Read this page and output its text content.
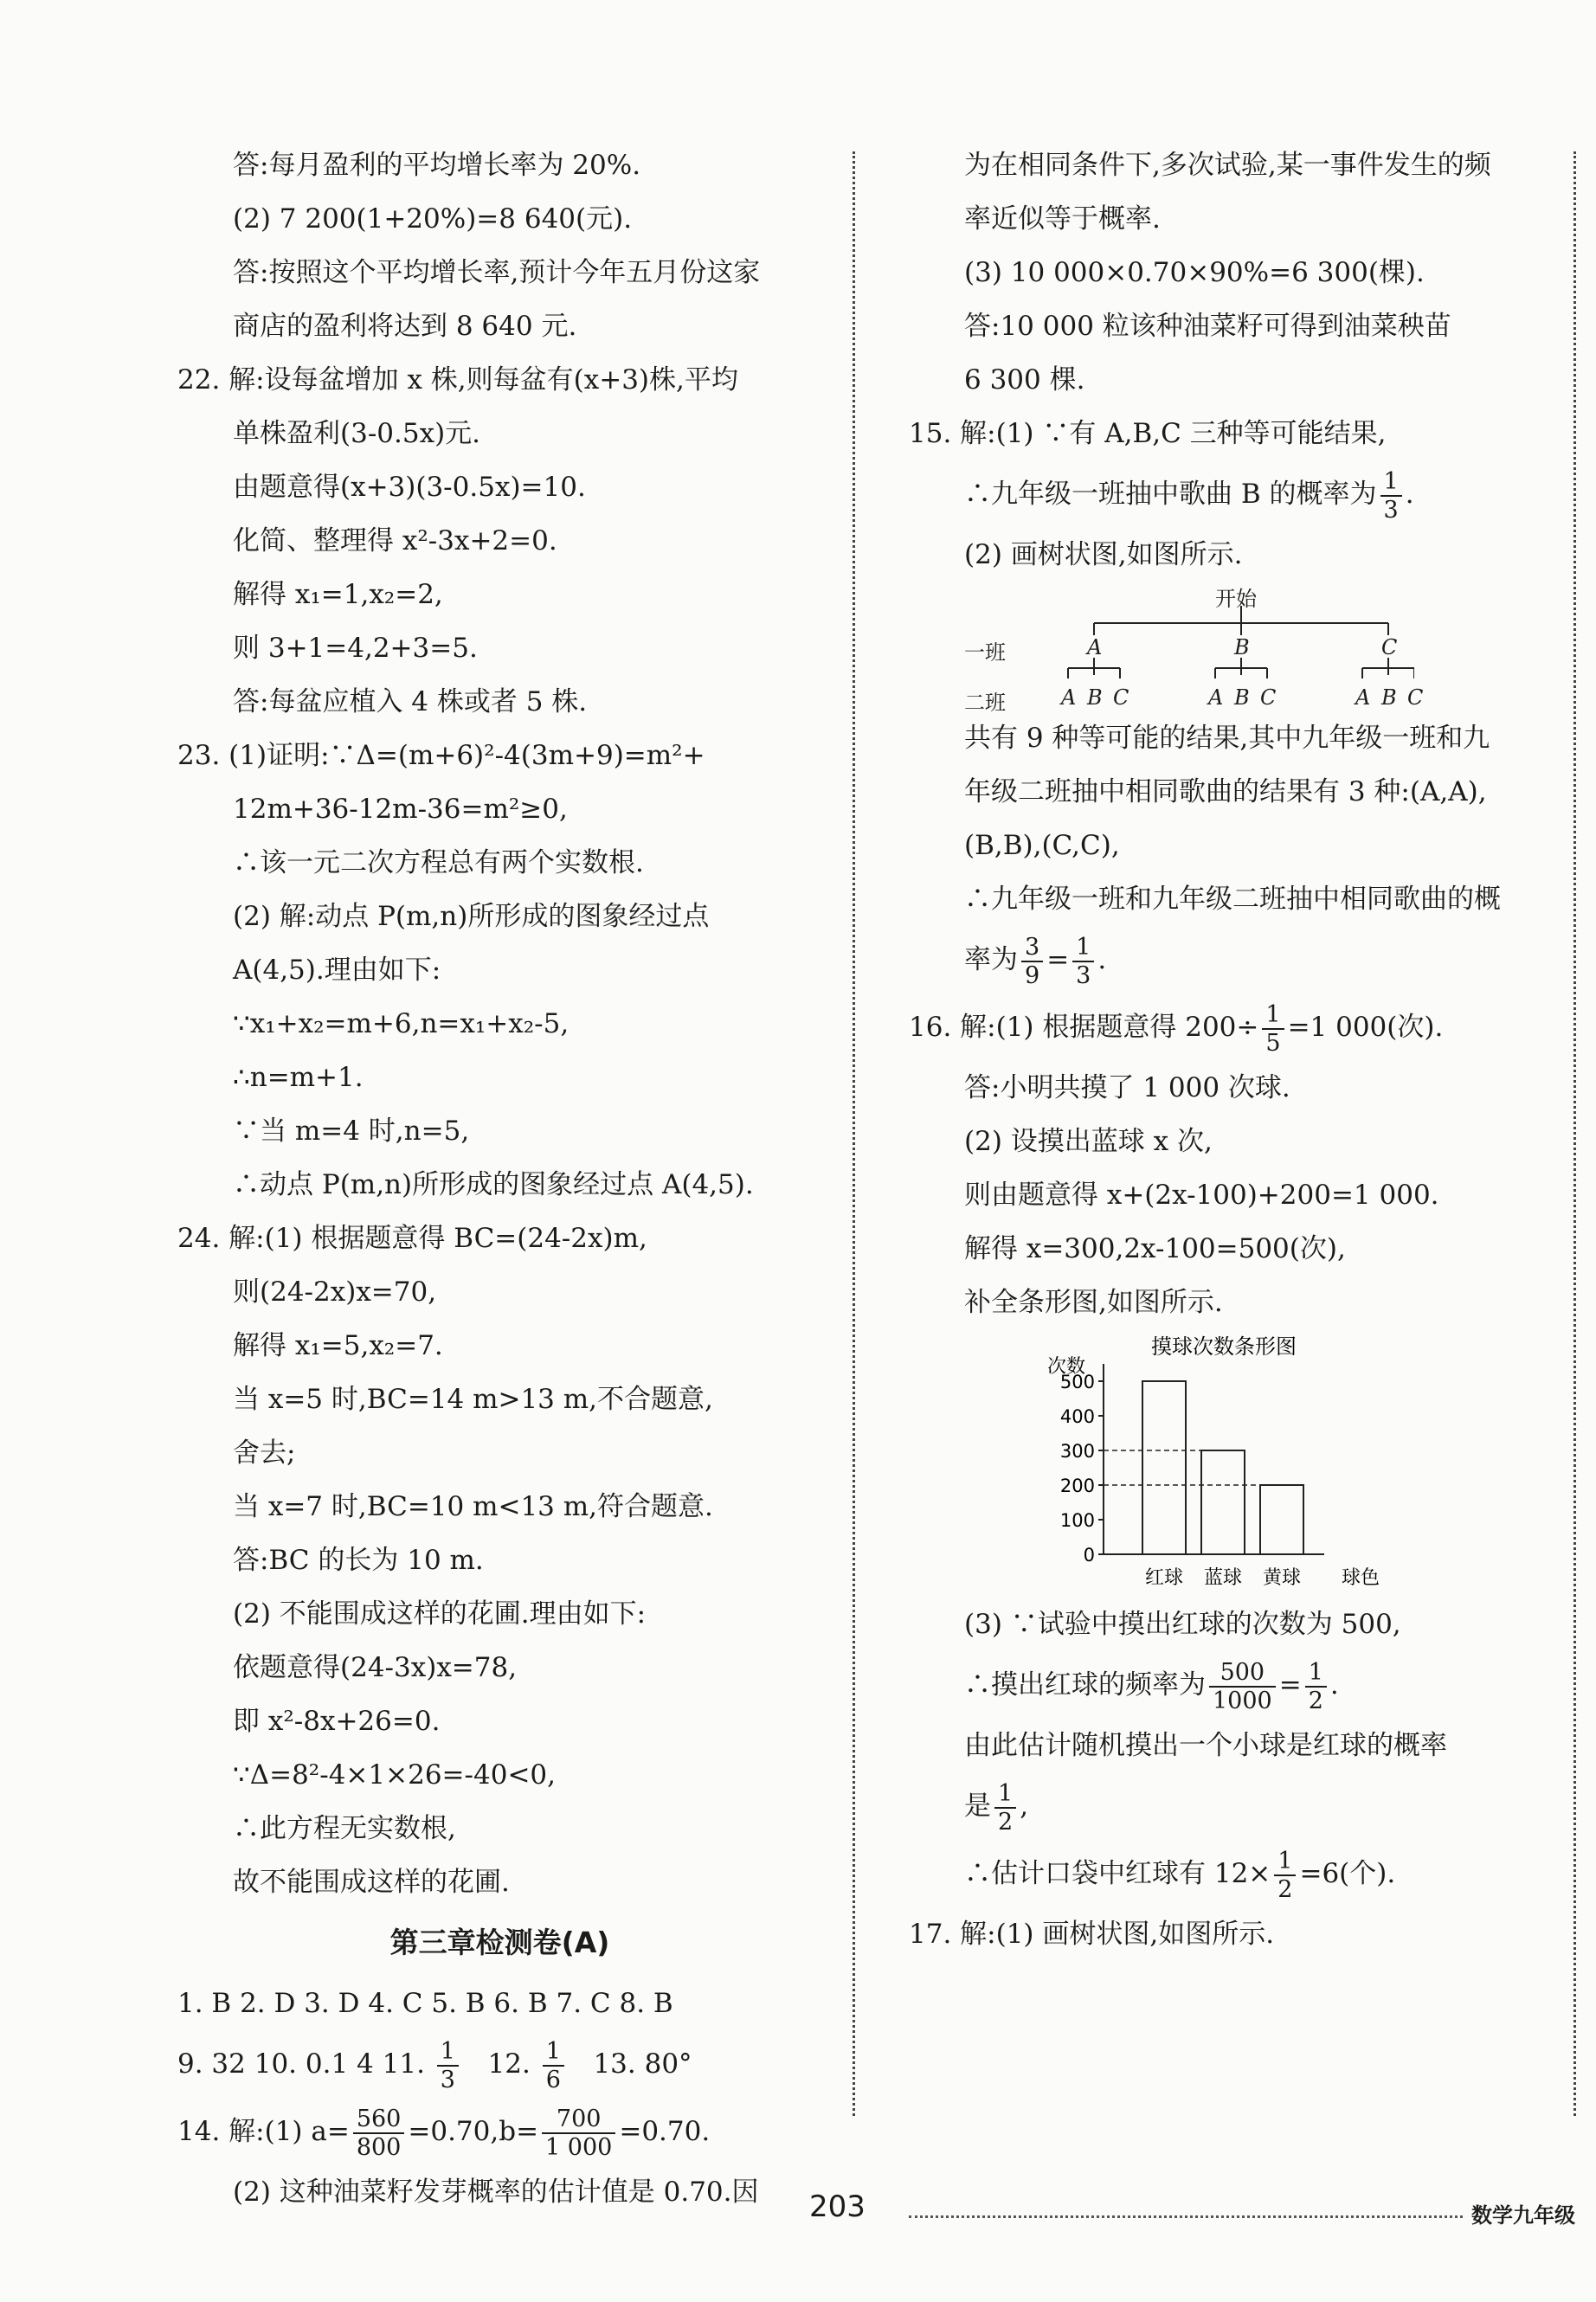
答:每月盈利的平均增长率为 20%.
(2) 7 200(1+20%)=8 640(元).
答:按照这个平均增长率,预计今年五月份这家
商店的盈利将达到 8 640 元.
22. 解:设每盆增加 x 株,则每盆有(x+3)株,平均
单株盈利(3-0.5x)元.
由题意得(x+3)(3-0.5x)=10.
化简、整理得 x²-3x+2=0.
解得 x₁=1,x₂=2,
则 3+1=4,2+3=5.
答:每盆应植入 4 株或者 5 株.
23. (1)证明:∵Δ=(m+6)²-4(3m+9)=m²+
12m+36-12m-36=m²≥0,
∴该一元二次方程总有两个实数根.
(2) 解:动点 P(m,n)所形成的图象经过点
A(4,5).理由如下:
∵x₁+x₂=m+6,n=x₁+x₂-5,
∴n=m+1.
∵当 m=4 时,n=5,
∴动点 P(m,n)所形成的图象经过点 A(4,5).
24. 解:(1) 根据题意得 BC=(24-2x)m,
则(24-2x)x=70,
解得 x₁=5,x₂=7.
当 x=5 时,BC=14 m>13 m,不合题意,
舍去;
当 x=7 时,BC=10 m<13 m,符合题意.
答:BC 的长为 10 m.
(2) 不能围成这样的花圃.理由如下:
依题意得(24-3x)x=78,
即 x²-8x+26=0.
∵Δ=8²-4×1×26=-40<0,
∴此方程无实数根,
故不能围成这样的花圃.
第三章检测卷(A)
1. B 2. D 3. D 4. C 5. B 6. B 7. C 8. B
9. 32 10. 0.1 4 11. $\frac{1}{3} 12$. $\frac{1}{6} 13$. 80°
14. 解:(1) $a= \frac{560}{800} =0.70,b= \frac{700}{1 000} =0.70$.
(2) 这种油菜籽发芽概率的估计值是 0.70.因
为在相同条件下,多次试验,某一事件发生的频
率近似等于概率.
(3) 10 000×0.70×90%=6 300(棵).
答:10 000 粒该种油菜籽可得到油菜秧苗
6 300 棵.
15. 解:(1) ∵有 A,B,C 三种等可能结果,
∴九年级一班抽中歌曲 B 的概率为 $\frac{1}{3}$ .
(2) 画树状图,如图所示.
开始
一班
二班
A	B	C
A B C	A B C	A B C
共有 9 种等可能的结果,其中九年级一班和九
年级二班抽中相同歌曲的结果有 3 种:(A,A),
(B,B),(C,C),
∴九年级一班和九年级二班抽中相同歌曲的概
率为 $\frac{3}{9} = \frac{1}{3}$ .
16. 解:(1) 根据题意得 $200\div \frac{1}{5} =1$ 000(次).
答:小明共摸了 1 000 次球.
(2) 设摸出蓝球 x 次,
则由题意得 x+(2x-100)+200=1 000.
解得 x=300,2x-100=500(次),
补全条形图,如图所示.
摸球次数条形图
次数
球色
0
100
200
300
400
500
红球 蓝球 黄球
(3) ∵试验中摸出红球的次数为 500,
∴摸出红球的频率为 $\frac{500}{1000} = \frac{1}{2}$ .
由此估计随机摸出一个小球是红球的概率
是 $\frac{1}{2}$ ,
∴估计口袋中红球有 $12\times \frac{1}{2} =6$(个).
17. 解:(1) 画树状图,如图所示.
203	数学九年级
